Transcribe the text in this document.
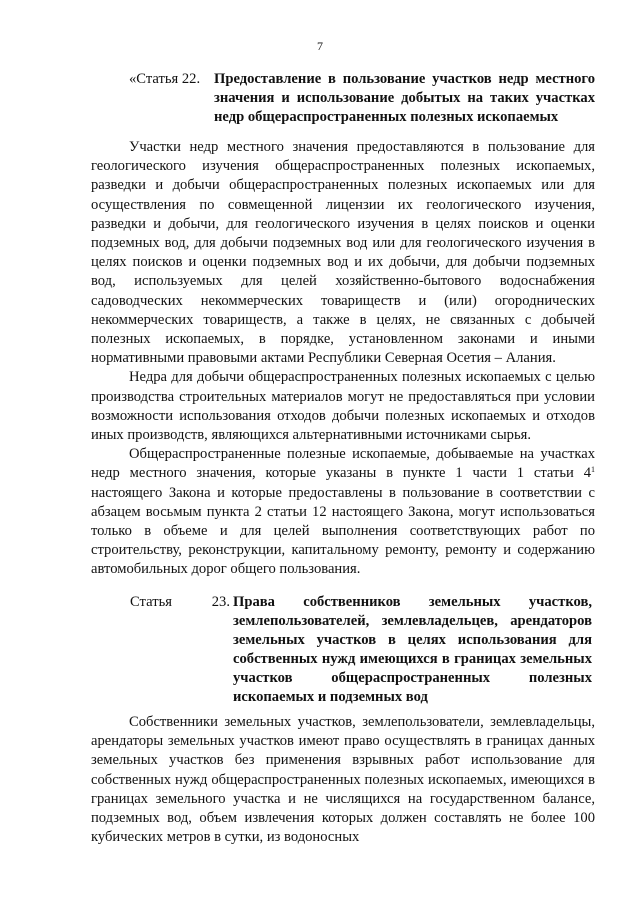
7
«Статья 22. Предоставление в пользование участков недр местного значения и использование добытых на таких участках недр общераспространенных полезных ископаемых

Участки недр местного значения предоставляются в пользование для геологического изучения общераспространенных полезных ископаемых, разведки и добычи общераспространенных полезных ископаемых или для осуществления по совмещенной лицензии их геологического изучения, разведки и добычи, для геологического изучения в целях поисков и оценки подземных вод, для добычи подземных вод или для геологического изучения в целях поисков и оценки подземных вод и их добычи, для добычи подземных вод, используемых для целей хозяйственно-бытового водоснабжения садоводческих некоммерческих товариществ и (или) огороднических некоммерческих товариществ, а также в целях, не связанных с добычей полезных ископаемых, в порядке, установленном законами и иными нормативными правовыми актами Республики Северная Осетия – Алания.

Недра для добычи общераспространенных полезных ископаемых с целью производства строительных материалов могут не предоставляться при условии возможности использования отходов добычи полезных ископаемых и отходов иных производств, являющихся альтернативными источниками сырья.

Общераспространенные полезные ископаемые, добываемые на участках недр местного значения, которые указаны в пункте 1 части 1 статьи $4^1$ настоящего Закона и которые предоставлены в пользование в соответствии с абзацем восьмым пункта 2 статьи 12 настоящего Закона, могут использоваться только в объеме и для целей выполнения соответствующих работ по строительству, реконструкции, капитальному ремонту, ремонту и содержанию автомобильных дорог общего пользования.

Статья	23. Права собственников земельных участков, землепользователей, землевладельцев, арендаторов земельных участков в целях использования для собственных нужд имеющихся в границах земельных участков общераспространенных полезных ископаемых и подземных вод

Собственники земельных участков, землепользователи, землевладельцы, арендаторы земельных участков имеют право осуществлять в границах данных земельных участков без применения взрывных работ использование для собственных нужд общераспространенных полезных ископаемых, имеющихся в границах земельного участка и не числящихся на государственном балансе, подземных вод, объем извлечения которых должен составлять не более 100 кубических метров в сутки, из водоносных
